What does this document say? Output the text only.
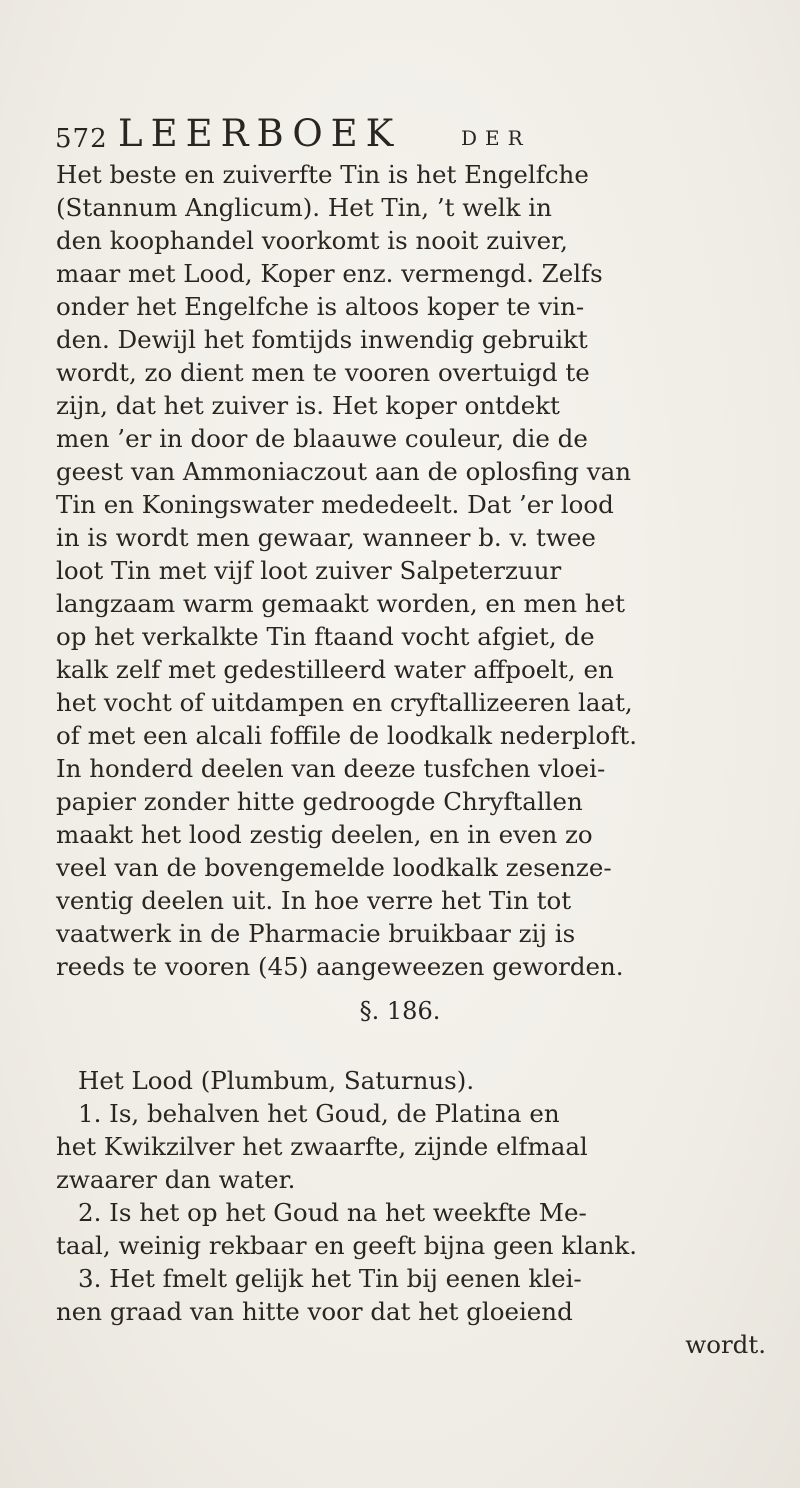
572 LEERBOEK	DER
Het beste en zuiverfte Tin is het Engelfche
(Stannum Anglicum). Het Tin, ’t welk in
den koophandel voorkomt is nooit zuiver,
maar met Lood, Koper enz. vermengd. Zelfs
onder het Engelfche is altoos koper te vin-
den. Dewijl het fomtijds inwendig gebruikt
wordt, zo dient men te vooren overtuigd te
zijn, dat het zuiver is. Het koper ontdekt
men ’er in door de blaauwe couleur, die de
geest van Ammoniaczout aan de oplosfing van
Tin en Koningswater mededeelt. Dat ’er lood
in is wordt men gewaar, wanneer b. v. twee
loot Tin met vijf loot zuiver Salpeterzuur
langzaam warm gemaakt worden, en men het
op het verkalkte Tin ftaand vocht afgiet, de
kalk zelf met gedestilleerd water affpoelt, en
het vocht of uitdampen en cryftallizeeren laat,
of met een alcali foffile de loodkalk nederploft.
In honderd deelen van deeze tusfchen vloei-
papier zonder hitte gedroogde Chryftallen
maakt het lood zestig deelen, en in even zo
veel van de bovengemelde loodkalk zesenze-
ventig deelen uit. In hoe verre het Tin tot
vaatwerk in de Pharmacie bruikbaar zij is
reeds te vooren (45) aangeweezen geworden.
§. 186.
Het Lood (Plumbum, Saturnus).
1. Is, behalven het Goud, de Platina en
het Kwikzilver het zwaarfte, zijnde elfmaal
zwaarer dan water.
2. Is het op het Goud na het weekfte Me-
taal, weinig rekbaar en geeft bijna geen klank.
3. Het fmelt gelijk het Tin bij eenen klei-
nen graad van hitte voor dat het gloeiend
wordt.
